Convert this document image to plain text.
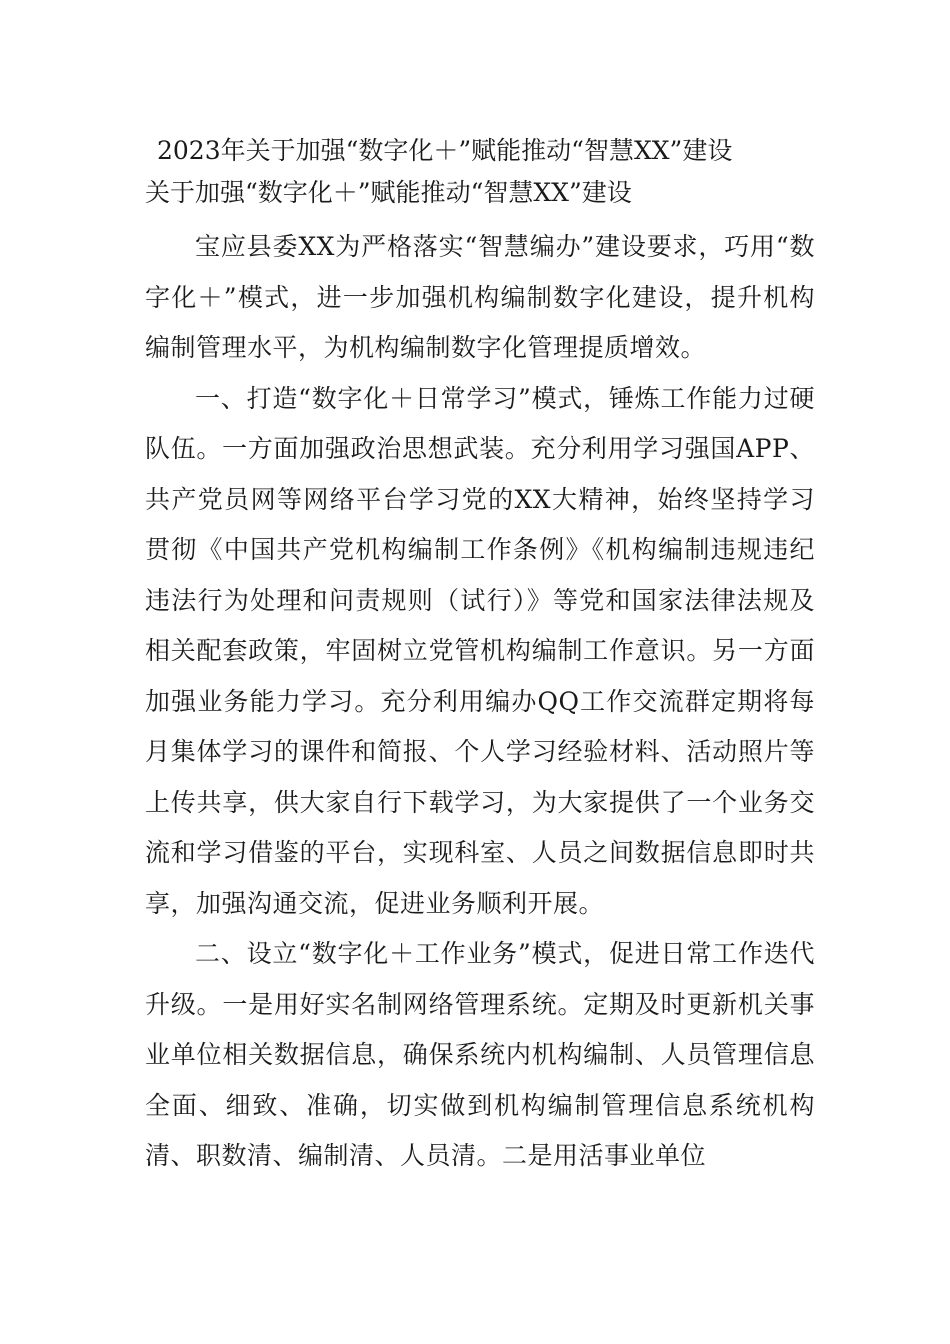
2023年关于加强“数字化＋”赋能推动“智慧XX”建设
关于加强“数字化＋”赋能推动“智慧XX”建设

宝应县委XX为严格落实“智慧编办”建设要求，巧用“数字化＋”模式，进一步加强机构编制数字化建设，提升机构编制管理水平，为机构编制数字化管理提质增效。

一、打造“数字化＋日常学习”模式，锤炼工作能力过硬队伍。一方面加强政治思想武装。充分利用学习强国APP、共产党员网等网络平台学习党的XX大精神，始终坚持学习贯彻《中国共产党机构编制工作条例》《机构编制违规违纪违法行为处理和问责规则（试行）》等党和国家法律法规及相关配套政策，牢固树立党管机构编制工作意识。另一方面加强业务能力学习。充分利用编办QQ工作交流群定期将每月集体学习的课件和简报、个人学习经验材料、活动照片等上传共享，供大家自行下载学习，为大家提供了一个业务交流和学习借鉴的平台，实现科室、人员之间数据信息即时共享，加强沟通交流，促进业务顺利开展。

二、设立“数字化＋工作业务”模式，促进日常工作迭代升级。一是用好实名制网络管理系统。定期及时更新机关事业单位相关数据信息，确保系统内机构编制、人员管理信息全面、细致、准确，切实做到机构编制管理信息系统机构清、职数清、编制清、人员清。二是用活事业单位
